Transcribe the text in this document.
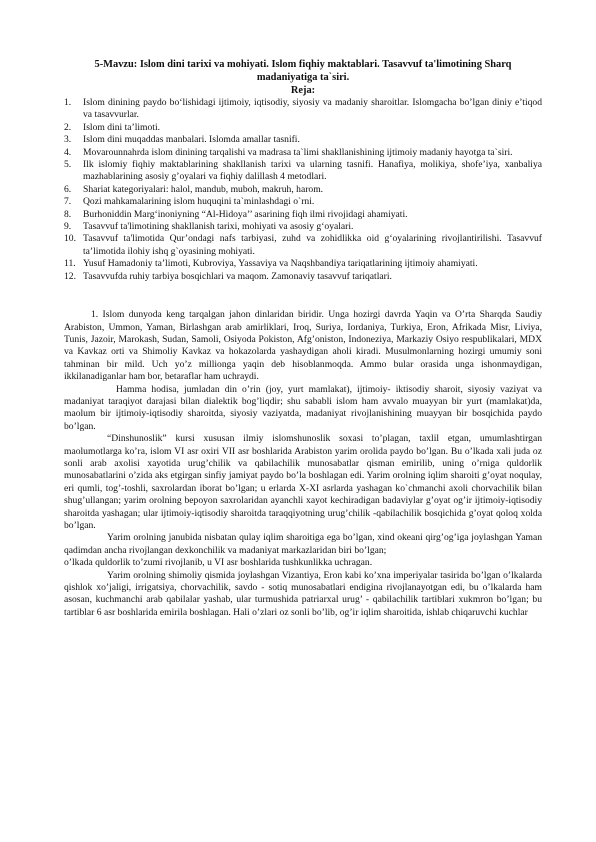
5-Mavzu: Islom dini tarixi va mohiyati. Islom fiqhiy maktablari. Tasavvuf ta'limotining Sharq madaniyatiga ta`siri.
Reja:
1. Islom dinining paydo bo‘lishidagi ijtimoiy, iqtisodiy, siyosiy va madaniy sharoitlar. Islomgacha bo’lgan diniy e’tiqod va tasavvurlar.
2. Islom dini ta’limoti.
3. Islom dini muqaddas manbalari. Islomda amallar tasnifi.
4. Movarounnahrda islom dinining tarqalishi va madrasa ta`limi shakllanishining ijtimoiy madaniy hayotga ta`siri.
5. Ilk islomiy fiqhiy maktablarining shakllanish tarixi va ularning tasnifi. Hanafiya, molikiya, shofe’iya, xanbaliya mazhablarining asosiy g’oyalari va fiqhiy dalillash 4 metodlari.
6. Shariat kategoriyalari: halol, mandub, muboh, makruh, harom.
7. Qozi mahkamalarining islom huquqini ta`minlashdagi o`rni.
8. Burhoniddin Marg‘inoniyning “Al-Hidoya’’ asarining fiqh ilmi rivojidagi ahamiyati.
9. Tasavvuf ta'limotining shakllanish tarixi, mohiyati va asosiy g‘oyalari.
10. Tasavvuf ta'limotida Qur’ondagi nafs tarbiyasi, zuhd va zohidlikka oid g‘oyalarining rivojlantirilishi. Tasavvuf ta’limotida ilohiy ishq g`oyasining mohiyati.
11. Yusuf Hamadoniy ta’limoti, Kubroviya, Yassaviya va Naqshbandiya tariqatlarining ijtimoiy ahamiyati.
12. Tasavvufda ruhiy tarbiya bosqichlari va maqom. Zamonaviy tasavvuf tariqatlari.

1. Islom dunyoda keng tarqalgan jahon dinlaridan biridir. Unga hozirgi davrda Yaqin va O’rta Sharqda Saudiy Arabiston, Ummon, Yaman, Birlashgan arab amirliklari, Iroq, Suriya, Iordaniya, Turkiya, Eron, Afrikada Misr, Liviya, Tunis, Jazoir, Marokash, Sudan, Samoli, Osiyoda Pokiston, Afg’oniston, Indoneziya, Markaziy Osiyo respublikalari, MDX va Kavkaz orti va Shimoliy Kavkaz va hokazolarda yashaydigan aholi kiradi. Musulmonlarning hozirgi umumiy soni tahminan bir mild. Uch yo’z millionga yaqin deb hisoblanmoqda. Ammo bular orasida unga ishonmaydigan, ikkilanadiganlar ham bor, betaraflar ham uchraydi.

Hamma hodisa, jumladan din o’rin (joy, yurt mamlakat), ijtimoiy- iktisodiy sharoit, siyosiy vaziyat va madaniyat taraqiyot darajasi bilan dialektik bog’liqdir; shu sababli islom ham avvalo muayyan bir yurt (mamlakat)da, maolum bir ijtimoiy-iqtisodiy sharoitda, siyosiy vaziyatda, madaniyat rivojlanishining muayyan bir bosqichida paydo bo’lgan.

“Dinshunoslik” kursi xususan ilmiy islomshunoslik soxasi to’plagan, taxlil etgan, umumlashtirgan maolumotlarga ko’ra, islom VI asr oxiri VII asr boshlarida Arabiston yarim orolida paydo bo’lgan. Bu o’lkada xali juda oz sonli arab axolisi xayotida urug’chilik va qabilachilik munosabatlar qisman emirilib, uning o’rniga quldorlik munosabatlarini o’zida aks etgirgan sinfiy jamiyat paydo bo’la boshlagan edi. Yarim orolning iqlim sharoiti g’oyat noqulay, eri qumli, tog’-toshli, saxrolardan iborat bo’lgan; u erlarda X-XI asrlarda yashagan ko`chmanchi axoli chorvachilik bilan shug’ullangan; yarim orolning bepoyon saxrolaridan ayanchli xayot kechiradigan badaviylar g’oyat og’ir ijtimoiy-iqtisodiy sharoitda yashagan; ular ijtimoiy-iqtisodiy sharoitda taraqqiyotning urug’chilik -qabilachilik bosqichida g’oyat qoloq xolda bo’lgan.

Yarim orolning janubida nisbatan qulay iqlim sharoitiga ega bo’lgan, xind okeani qirg’og’iga joylashgan Yaman qadimdan ancha rivojlangan dexkonchilik va madaniyat markazlaridan biri bo’lgan;

o’lkada quldorlik to’zumi rivojlanib, u VI asr boshlarida tushkunlikka uchragan.

Yarim orolning shimoliy qismida joylashgan Vizantiya, Eron kabi ko’xna imperiyalar tasirida bo’lgan o’lkalarda qishlok xo’jaligi, irrigatsiya, chorvachilik, savdo - sotiq munosabatlari endigina rivojlanayotgan edi, bu o’lkalarda ham asosan, kuchmanchi arab qabilalar yashab, ular turmushida patriarxal urug’ - qabilachilik tartiblari xukmron bo’lgan; bu tartiblar 6 asr boshlarida emirila boshlagan. Hali o’zlari oz sonli bo’lib, og’ir iqlim sharoitida, ishlab chiqaruvchi kuchlar
